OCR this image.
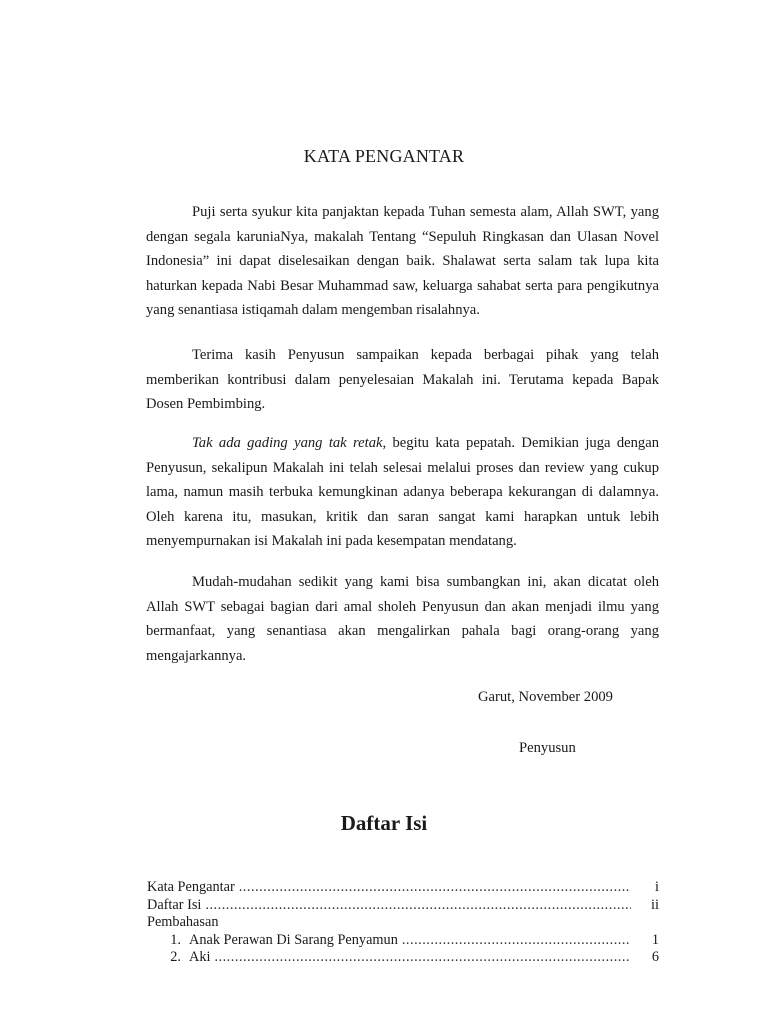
KATA PENGANTAR

Puji serta syukur kita panjaktan kepada Tuhan semesta alam, Allah SWT, yang dengan segala karuniaNya, makalah Tentang “Sepuluh Ringkasan dan Ulasan Novel Indonesia” ini dapat diselesaikan dengan baik. Shalawat serta salam tak lupa kita haturkan kepada Nabi Besar Muhammad saw, keluarga sahabat serta para pengikutnya yang senantiasa istiqamah dalam mengemban risalahnya.

Terima kasih Penyusun sampaikan kepada berbagai pihak yang telah memberikan kontribusi dalam penyelesaian Makalah ini. Terutama kepada Bapak Dosen Pembimbing.

Tak ada gading yang tak retak, begitu kata pepatah. Demikian juga dengan Penyusun, sekalipun Makalah ini telah selesai melalui proses dan review yang cukup lama, namun masih terbuka kemungkinan adanya beberapa kekurangan di dalamnya. Oleh karena itu, masukan, kritik dan saran sangat kami harapkan untuk lebih menyempurnakan isi Makalah ini pada kesempatan mendatang.

Mudah-mudahan sedikit yang kami bisa sumbangkan ini, akan dicatat oleh Allah SWT sebagai bagian dari amal sholeh Penyusun dan akan menjadi ilmu yang bermanfaat, yang senantiasa akan mengalirkan pahala bagi orang-orang yang mengajarkannya.

Garut, November 2009
Penyusun
Daftar Isi
Kata Pengantar .....	i
Daftar Isi .....	ii
Pembahasan
1. Anak Perawan Di Sarang Penyamun .....	1
2. Aki .....	6
